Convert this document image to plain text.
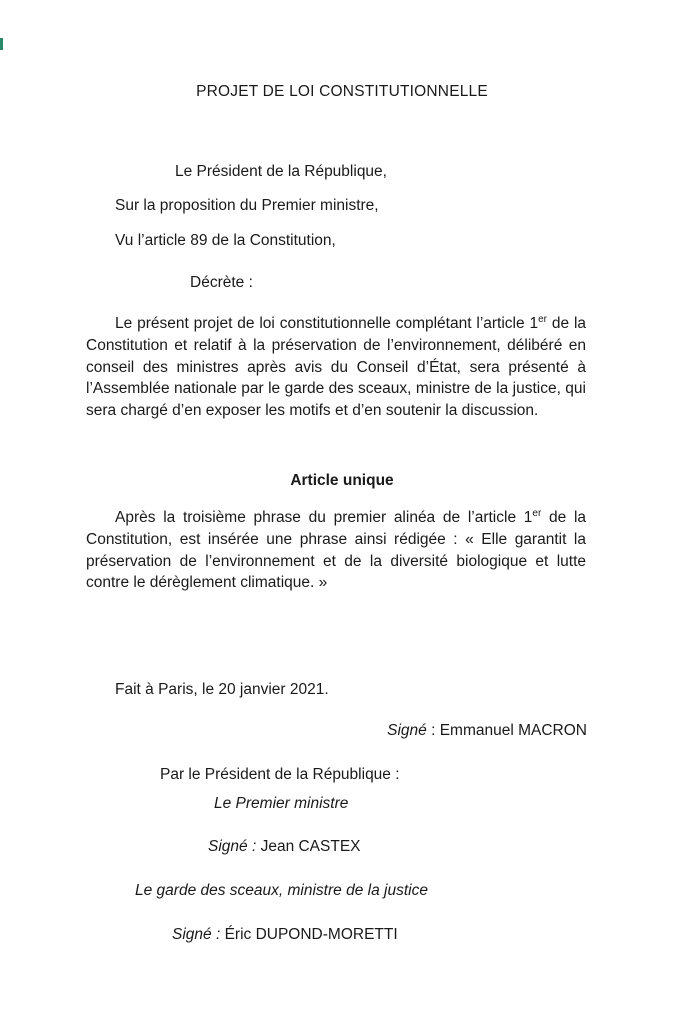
PROJET DE LOI CONSTITUTIONNELLE
Le Président de la République,
Sur la proposition du Premier ministre,
Vu l’article 89 de la Constitution,
Décrète :
Le présent projet de loi constitutionnelle complétant l’article 1er de la Constitution et relatif à la préservation de l’environnement, délibéré en conseil des ministres après avis du Conseil d’État, sera présenté à l’Assemblée nationale par le garde des sceaux, ministre de la justice, qui sera chargé d’en exposer les motifs et d’en soutenir la discussion.
Article unique
Après la troisième phrase du premier alinéa de l’article 1er de la Constitution, est insérée une phrase ainsi rédigée : « Elle garantit la préservation de l’environnement et de la diversité biologique et lutte contre le dérèglement climatique. »
Fait à Paris, le 20 janvier 2021.
Signé : Emmanuel MACRON
Par le Président de la République :
Le Premier ministre
Signé : Jean CASTEX
Le garde des sceaux, ministre de la justice
Signé : Éric DUPOND-MORETTI
